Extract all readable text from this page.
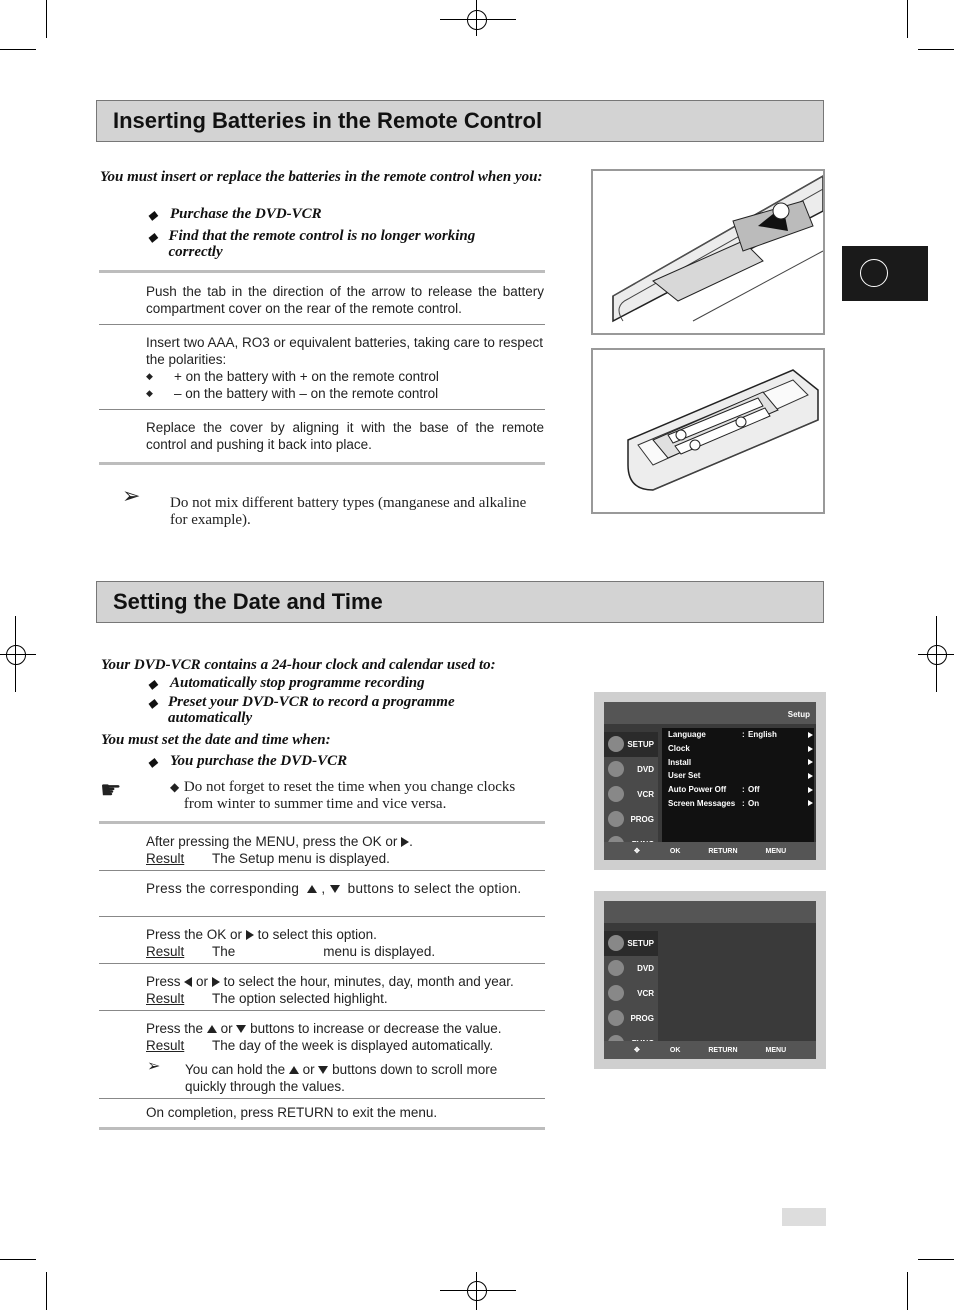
Inserting Batteries in the Remote Control
You must insert or replace the batteries in the remote control when you:
◆ Purchase the DVD-VCR
◆ Find that the remote control is no longer working correctly
Push the tab in the direction of the arrow to release the battery compartment cover on the rear of the remote control.
Insert two AAA, RO3 or equivalent batteries, taking care to respect the polarities:
◆	+ on the battery with + on the remote control
◆	– on the battery with – on the remote control
Replace the cover by aligning it with the base of the remote control and pushing it back into place.
➢ Do not mix different battery types (manganese and alkaline for example).
Setting the Date and Time
Your DVD-VCR contains a 24-hour clock and calendar used to:
◆ Automatically stop programme recording
◆ Preset your DVD-VCR to record a programme automatically
You must set the date and time when:
◆ You purchase the DVD-VCR
☛	◆ Do not forget to reset the time when you change clocks from winter to summer time and vice versa.
After pressing the MENU, press the OK or .
Result The Setup menu is displayed.
Press the corresponding , buttons to select the option.
Press the OK or to select this option.
Result The	menu is displayed.
Press or to select the hour, minutes, day, month and year.
Result The option selected highlight.
Press the or buttons to increase or decrease the value.
Result The day of the week is displayed automatically.
➢ You can hold the or buttons down to scroll more quickly through the values.
On completion, press RETURN to exit the menu.
Setup
SETUP
DVD
VCR
PROG
Language	: English
Clock
Install
User Set
Auto Power Off	: Off
Screen Messages : On
✥	OK	RETURN	MENU
SETUP
DVD
VCR
PROG
✥	OK	RETURN	MENU
